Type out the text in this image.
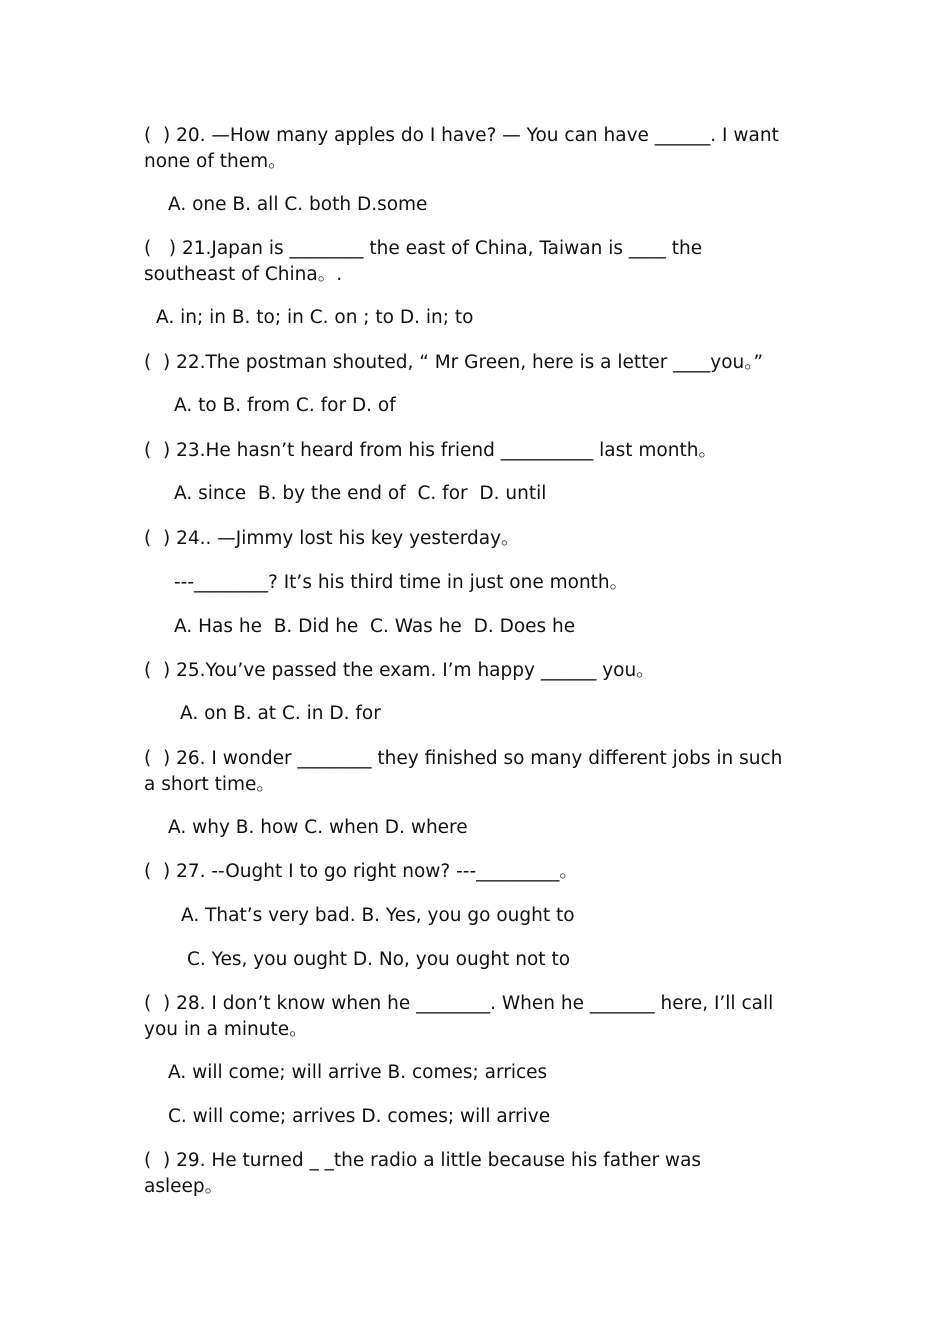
(  ) 20. —How many apples do I have? — You can have ______. I want none of them。

A. one B. all C. both D.some

(   ) 21.Japan is ________ the east of China, Taiwan is ____ the southeast of China。.

A. in; in B. to; in C. on ; to D. in; to

(  ) 22.The postman shouted, “ Mr Green, here is a letter ____you。”

A. to B. from C. for D. of

(  ) 23.He hasn’t heard from his friend __________ last month。

A. since  B. by the end of  C. for  D. until

(  ) 24.. —Jimmy lost his key yesterday。

---________? It’s his third time in just one month。

A. Has he  B. Did he  C. Was he  D. Does he

(  ) 25.You’ve passed the exam. I’m happy ______ you。

A. on B. at C. in D. for

(  ) 26. I wonder ________ they finished so many different jobs in such a short time。

A. why B. how C. when D. where

(  ) 27. --Ought I to go right now? ---_________。

A. That’s very bad. B. Yes, you go ought to

C. Yes, you ought D. No, you ought not to

(  ) 28. I don’t know when he ________. When he _______ here, I’ll call you in a minute。

A. will come; will arrive B. comes; arrices

C. will come; arrives D. comes; will arrive

(  ) 29. He turned _ _the radio a little because his father was asleep。
